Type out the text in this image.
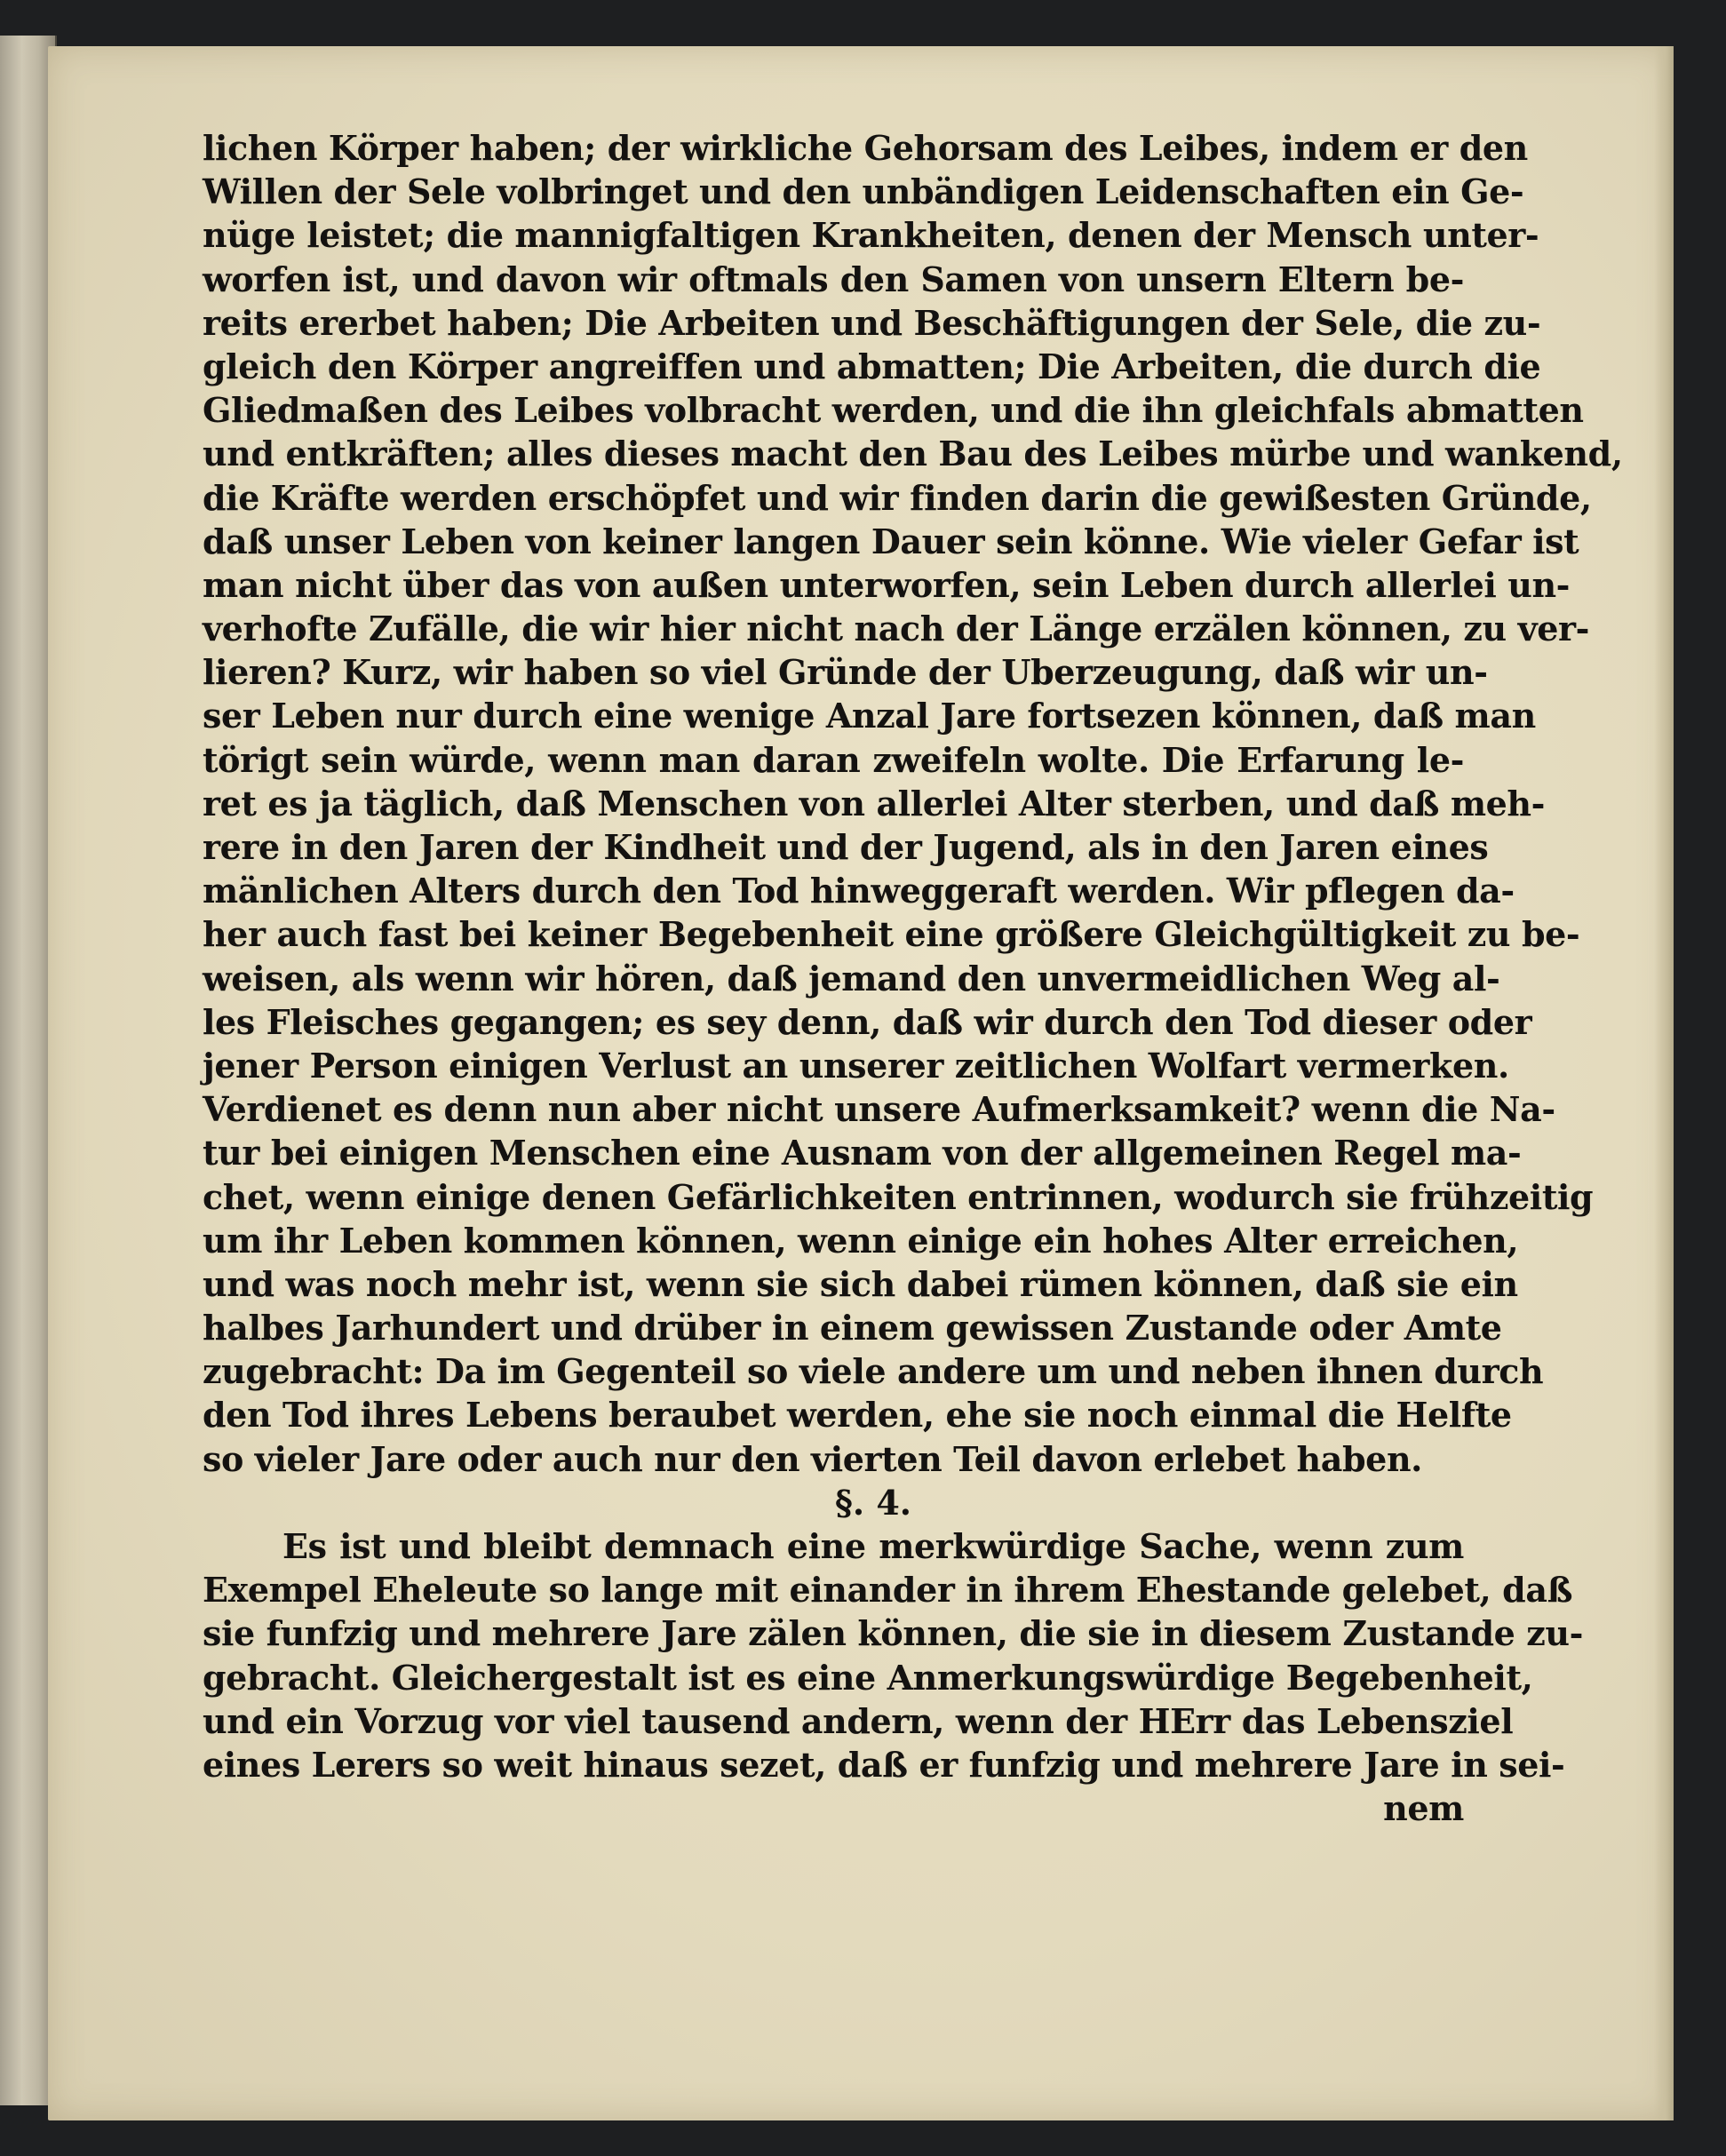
lichen Körper haben; der wirkliche Gehorsam des Leibes, indem er den
Willen der Sele volbringet und den unbändigen Leidenschaften ein Ge-
nüge leistet; die mannigfaltigen Krankheiten, denen der Mensch unter-
worfen ist, und davon wir oftmals den Samen von unsern Eltern be-
reits ererbet haben; Die Arbeiten und Beschäftigungen der Sele, die zu-
gleich den Körper angreiffen und abmatten; Die Arbeiten, die durch die
Gliedmaßen des Leibes volbracht werden, und die ihn gleichfals abmatten
und entkräften; alles dieses macht den Bau des Leibes mürbe und wankend,
die Kräfte werden erschöpfet und wir finden darin die gewißesten Gründe,
daß unser Leben von keiner langen Dauer sein könne. Wie vieler Gefar ist
man nicht über das von außen unterworfen, sein Leben durch allerlei un-
verhofte Zufälle, die wir hier nicht nach der Länge erzälen können, zu ver-
lieren? Kurz, wir haben so viel Gründe der Uberzeugung, daß wir un-
ser Leben nur durch eine wenige Anzal Jare fortsezen können, daß man
törigt sein würde, wenn man daran zweifeln wolte. Die Erfarung le-
ret es ja täglich, daß Menschen von allerlei Alter sterben, und daß meh-
rere in den Jaren der Kindheit und der Jugend, als in den Jaren eines
mänlichen Alters durch den Tod hinweggeraft werden. Wir pflegen da-
her auch fast bei keiner Begebenheit eine größere Gleichgültigkeit zu be-
weisen, als wenn wir hören, daß jemand den unvermeidlichen Weg al-
les Fleisches gegangen; es sey denn, daß wir durch den Tod dieser oder
jener Person einigen Verlust an unserer zeitlichen Wolfart vermerken.
Verdienet es denn nun aber nicht unsere Aufmerksamkeit? wenn die Na-
tur bei einigen Menschen eine Ausnam von der allgemeinen Regel ma-
chet, wenn einige denen Gefärlichkeiten entrinnen, wodurch sie frühzeitig
um ihr Leben kommen können, wenn einige ein hohes Alter erreichen,
und was noch mehr ist, wenn sie sich dabei rümen können, daß sie ein
halbes Jarhundert und drüber in einem gewissen Zustande oder Amte
zugebracht: Da im Gegenteil so viele andere um und neben ihnen durch
den Tod ihres Lebens beraubet werden, ehe sie noch einmal die Helfte
so vieler Jare oder auch nur den vierten Teil davon erlebet haben.
§. 4.
Es ist und bleibt demnach eine merkwürdige Sache, wenn zum
Exempel Eheleute so lange mit einander in ihrem Ehestande gelebet, daß
sie funfzig und mehrere Jare zälen können, die sie in diesem Zustande zu-
gebracht. Gleichergestalt ist es eine Anmerkungswürdige Begebenheit,
und ein Vorzug vor viel tausend andern, wenn der HErr das Lebensziel
eines Lerers so weit hinaus sezet, daß er funfzig und mehrere Jare in sei-
nem
